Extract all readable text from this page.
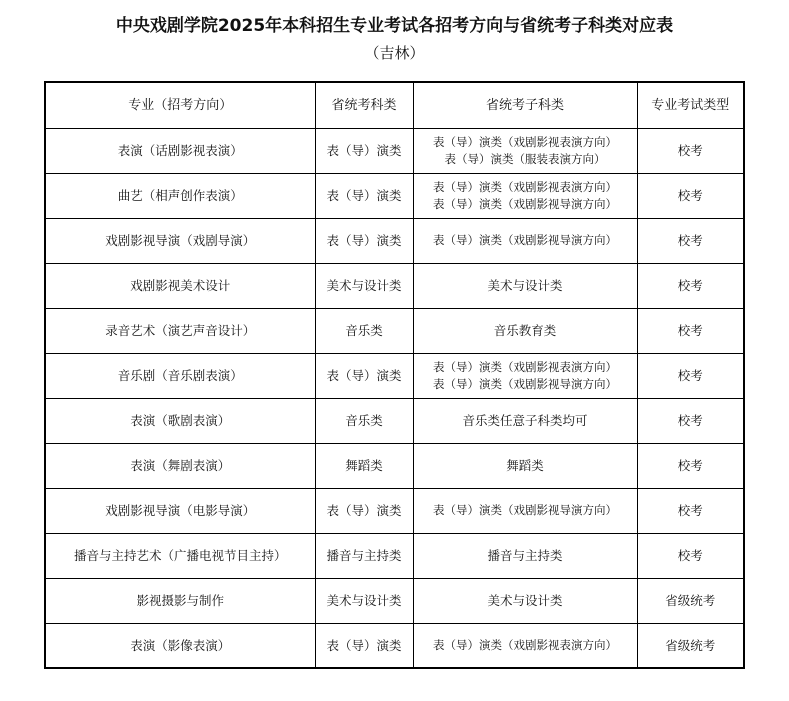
中央戏剧学院2025年本科招生专业考试各招考方向与省统考子科类对应表
（吉林）
专业（招考方向）	省统考科类	省统考子科类	专业考试类型
表演（话剧影视表演）	表（导）演类	表（导）演类（戏剧影视表演方向）
表（导）演类（服装表演方向）	校考
曲艺（相声创作表演）	表（导）演类	表（导）演类（戏剧影视表演方向）
表（导）演类（戏剧影视导演方向）	校考
戏剧影视导演（戏剧导演）	表（导）演类	表（导）演类（戏剧影视导演方向）	校考
戏剧影视美术设计	美术与设计类	美术与设计类	校考
录音艺术（演艺声音设计）	音乐类	音乐教育类	校考
音乐剧（音乐剧表演）	表（导）演类	表（导）演类（戏剧影视表演方向）
表（导）演类（戏剧影视导演方向）	校考
表演（歌剧表演）	音乐类	音乐类任意子科类均可	校考
表演（舞剧表演）	舞蹈类	舞蹈类	校考
戏剧影视导演（电影导演）	表（导）演类	表（导）演类（戏剧影视导演方向）	校考
播音与主持艺术（广播电视节目主持）	播音与主持类	播音与主持类	校考
影视摄影与制作	美术与设计类	美术与设计类	省级统考
表演（影像表演）	表（导）演类	表（导）演类（戏剧影视表演方向）	省级统考
